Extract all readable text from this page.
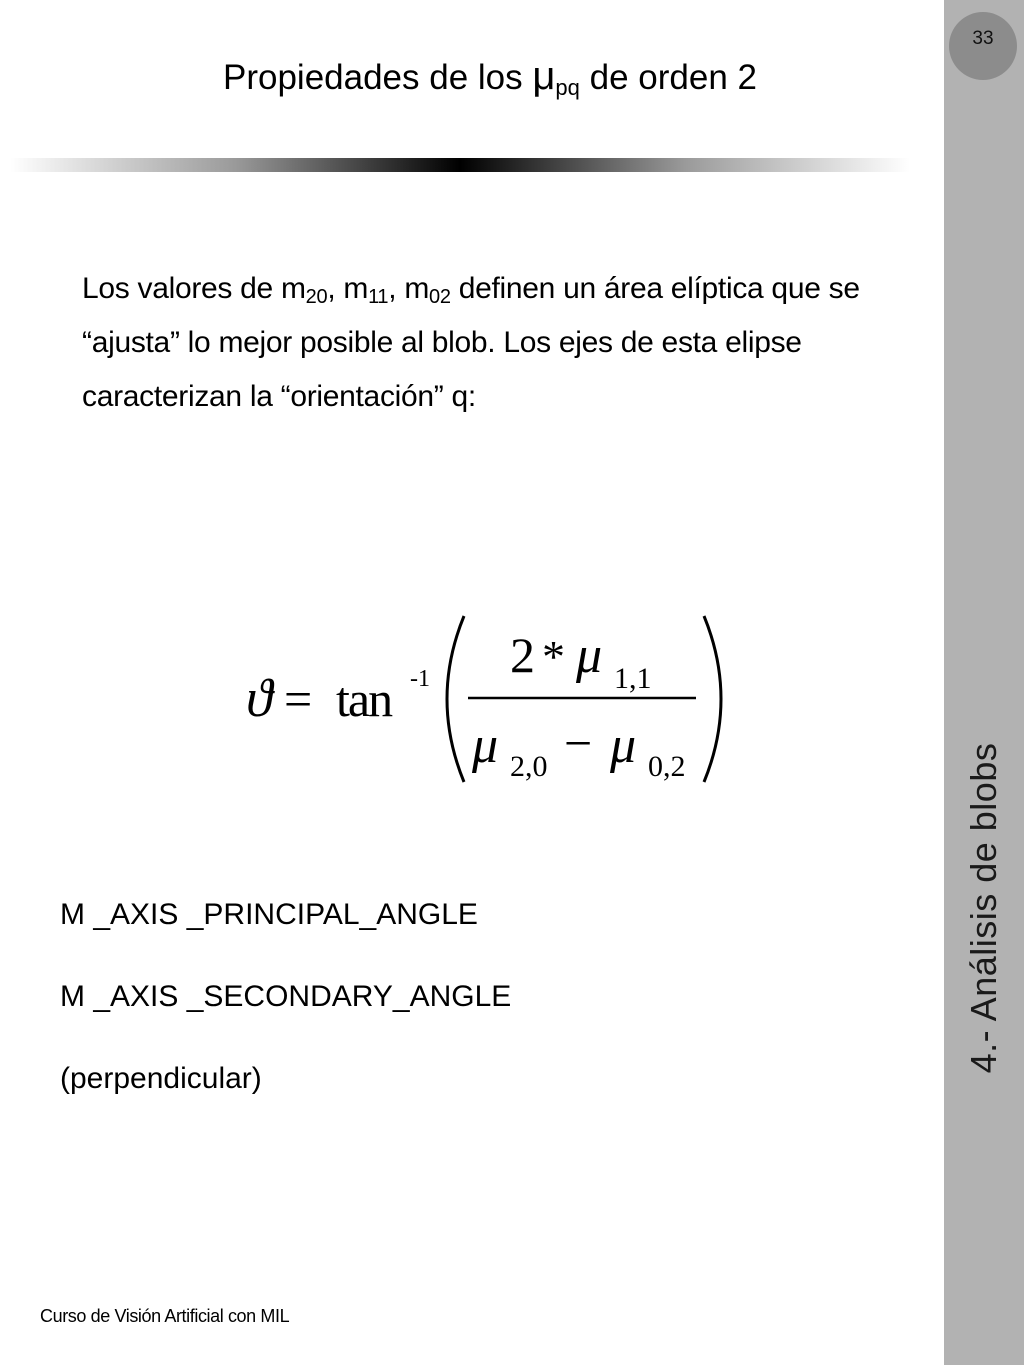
33
4.- Análisis de blobs
Propiedades de los $\mu_{pq}$ de orden 2
Los valores de $m_{20}$, $m_{11}$, $m_{02}$ definen un área elíptica que se “ajusta” lo mejor posible al blob. Los ejes de esta elipse caracterizan la “orientación” q:
ϑ = tan -1 2 * μ 1,1
μ 2,0 − μ 0,2
M _AXIS _PRINCIPAL_ANGLE
M _AXIS _SECONDARY_ANGLE
(perpendicular)
Curso de Visión Artificial con MIL
